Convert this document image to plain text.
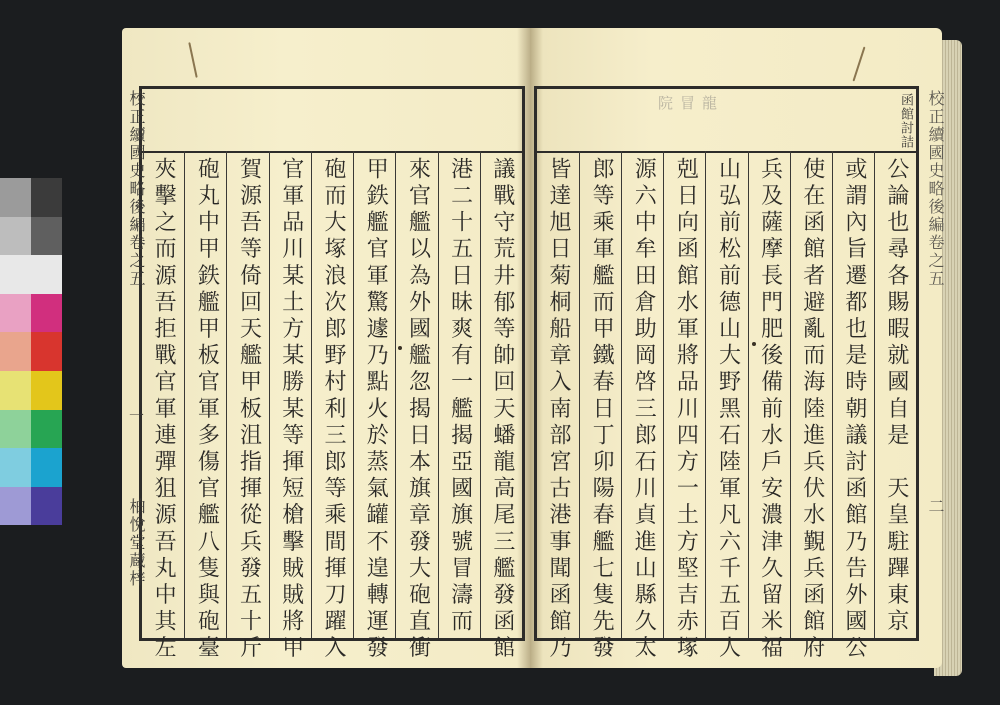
議戰守荒井郁等帥回天蟠龍高尾三艦發函館
港二十五日昧爽有一艦揭亞國旗號冒濤而
來官艦以為外國艦忽揭日本旗章發大砲直衝
甲鉄艦官軍驚遽乃點火於蒸氣罐不遑轉運發
砲而大塚浪次郎野村利三郎等乘間揮刀躍入
官軍品川某土方某勝某等揮短槍擊賊賊將甲
賀源吾等倚回天艦甲板沮指揮從兵發五十斤
砲丸中甲鉄艦甲板官軍多傷官艦八隻與砲臺
夾擊之而源吾拒戰官軍連彈狙源吾丸中其左
校正續國史略後編卷之五
一
柏悅堂蔵梓
院 冒 龍	函館討詰
公論也尋各賜暇就國自是　天皇駐蹕東京
或謂內旨遷都也是時朝議討函館乃告外國公
使在函館者避亂而海陸進兵伏水覲兵函館府
兵及薩摩長門肥後備前水戶安濃津久留米福
山弘前松前德山大野黑石陸軍凡六千五百人
剋日向函館水軍將品川四方一土方堅吉赤塚
源六中牟田倉助岡啓三郎石川貞進山縣久太
郎等乘軍艦而甲鐵春日丁卯陽春艦七隻先發
皆達旭日菊桐船章入南部宮古港事聞函館乃	校正續國史略後編卷之五
二
